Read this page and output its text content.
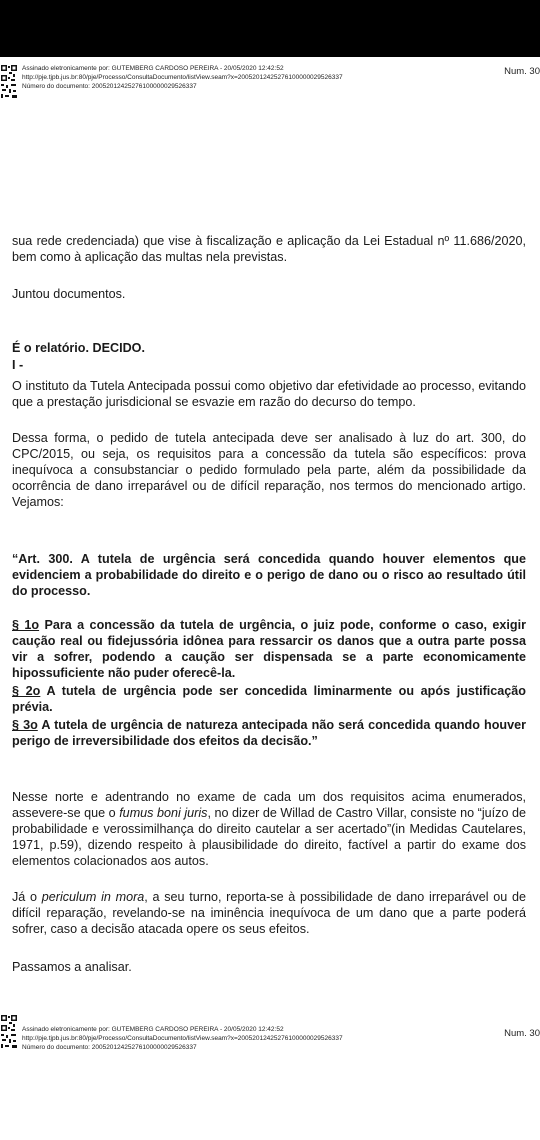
Assinado eletronicamente por: GUTEMBERG CARDOSO PEREIRA - 20/05/2020 12:42:52
http://pje.tjpb.jus.br:80/pje/Processo/ConsultaDocumento/listView.seam?x=20052012425276100000029526337
Número do documento: 20052012425276100000029526337
Num. 30
sua rede credenciada) que vise à fiscalização e aplicação da Lei Estadual nº 11.686/2020, bem como à aplicação das multas nela previstas.
Juntou documentos.
É o relatório. DECIDO.
I -
O instituto da Tutela Antecipada possui como objetivo dar efetividade ao processo, evitando que a prestação jurisdicional se esvazie em razão do decurso do tempo.
Dessa forma, o pedido de tutela antecipada deve ser analisado à luz do art. 300, do CPC/2015, ou seja, os requisitos para a concessão da tutela são específicos: prova inequívoca a consubstanciar o pedido formulado pela parte, além da possibilidade da ocorrência de dano irreparável ou de difícil reparação, nos termos do mencionado artigo. Vejamos:
“Art. 300. A tutela de urgência será concedida quando houver elementos que evidenciem a probabilidade do direito e o perigo de dano ou o risco ao resultado útil do processo.
§ 1o Para a concessão da tutela de urgência, o juiz pode, conforme o caso, exigir caução real ou fidejussória idônea para ressarcir os danos que a outra parte possa vir a sofrer, podendo a caução ser dispensada se a parte economicamente hipossuficiente não puder oferecê-la.
§ 2o A tutela de urgência pode ser concedida liminarmente ou após justificação prévia.
§ 3o A tutela de urgência de natureza antecipada não será concedida quando houver perigo de irreversibilidade dos efeitos da decisão.”
Nesse norte e adentrando no exame de cada um dos requisitos acima enumerados, assevere-se que o fumus boni juris, no dizer de Willad de Castro Villar, consiste no “juízo de probabilidade e verossimilhança do direito cautelar a ser acertado”(in Medidas Cautelares, 1971, p.59), dizendo respeito à plausibilidade do direito, factível a partir do exame dos elementos colacionados aos autos.
Já o periculum in mora, a seu turno, reporta-se à possibilidade de dano irreparável ou de difícil reparação, revelando-se na iminência inequívoca de um dano que a parte poderá sofrer, caso a decisão atacada opere os seus efeitos.
Passamos a analisar.
Assinado eletronicamente por: GUTEMBERG CARDOSO PEREIRA - 20/05/2020 12:42:52
http://pje.tjpb.jus.br:80/pje/Processo/ConsultaDocumento/listView.seam?x=20052012425276100000029526337
Número do documento: 20052012425276100000029526337
Num. 30
